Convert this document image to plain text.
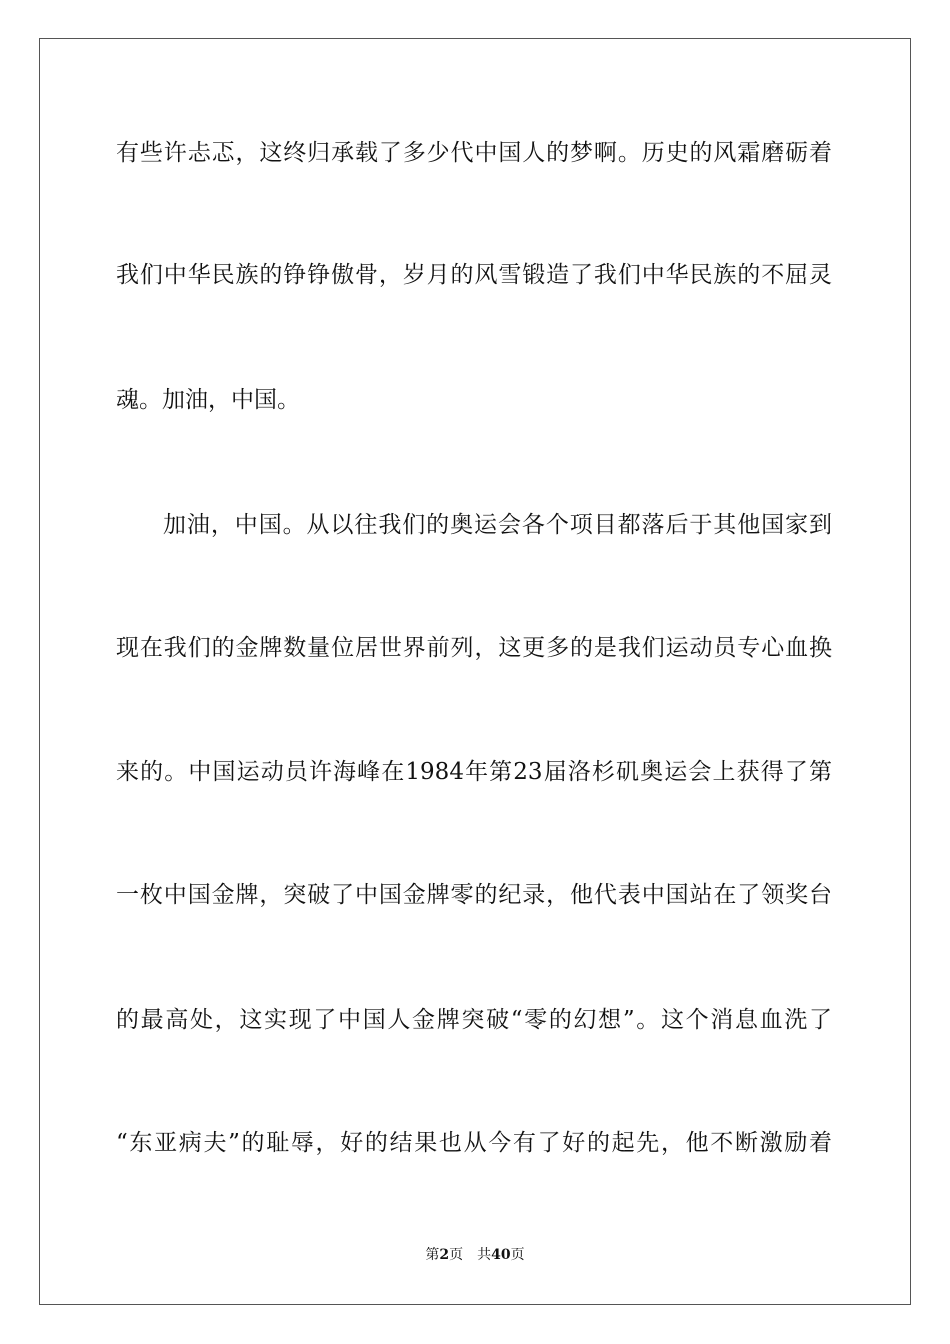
有些许忐忑，这终归承载了多少代中国人的梦啊。历史的风霜磨砺着
我们中华民族的铮铮傲骨，岁月的风雪锻造了我们中华民族的不屈灵
魂。加油，中国。
加油，中国。从以往我们的奥运会各个项目都落后于其他国家到
现在我们的金牌数量位居世界前列，这更多的是我们运动员专心血换
来的。中国运动员许海峰在1984年第23届洛杉矶奥运会上获得了第
一枚中国金牌，突破了中国金牌零的纪录，他代表中国站在了领奖台
的最高处，这实现了中国人金牌突破“零的幻想”。这个消息血洗了
“东亚病夫”的耻辱，好的结果也从今有了好的起先，他不断激励着
第2页　共40页
